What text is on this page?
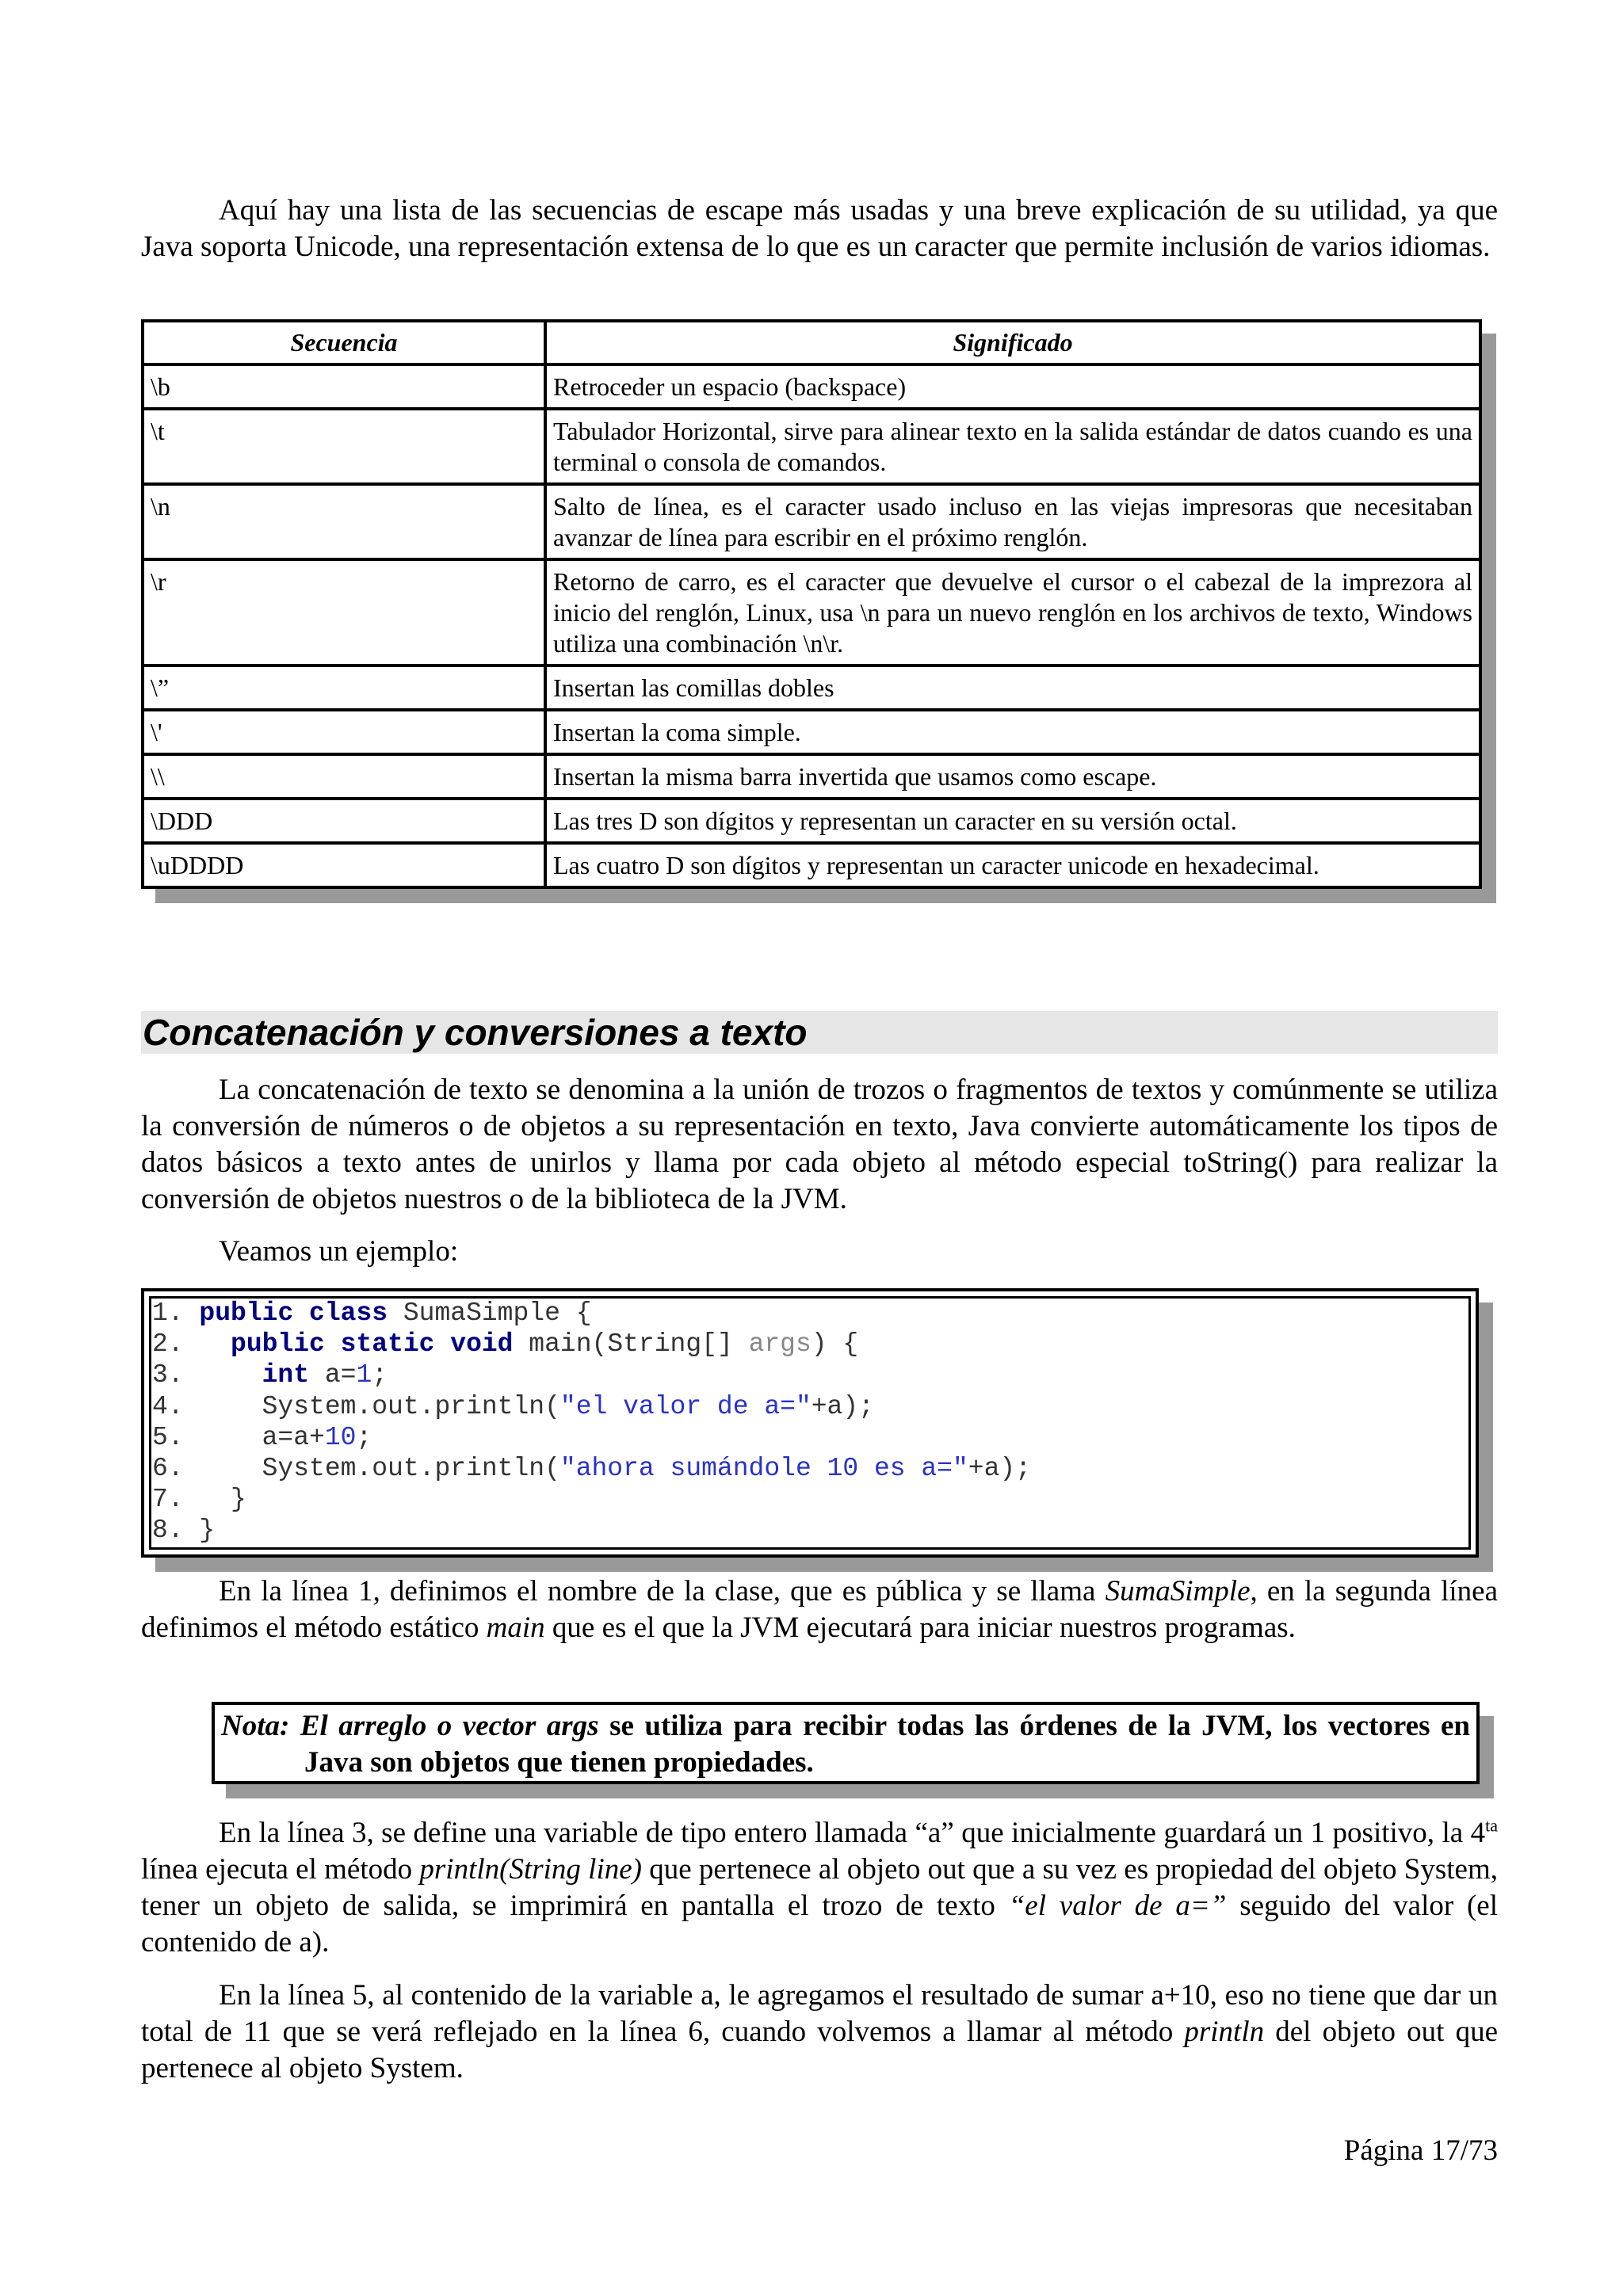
Aquí hay una lista de las secuencias de escape más usadas y una breve explicación de su utilidad, ya que Java soporta Unicode, una representación extensa de lo que es un caracter que permite inclusión de varios idiomas.

Secuencia	Significado
\b	Retroceder un espacio (backspace)
\t	Tabulador Horizontal, sirve para alinear texto en la salida estándar de datos cuando es una terminal o consola de comandos.
\n	Salto de línea, es el caracter usado incluso en las viejas impresoras que necesitaban avanzar de línea para escribir en el próximo renglón.
\r	Retorno de carro, es el caracter que devuelve el cursor o el cabezal de la imprezora al inicio del renglón, Linux, usa \n para un nuevo renglón en los archivos de texto, Windows utiliza una combinación \n\r.
\”	Insertan las comillas dobles
\'	Insertan la coma simple.
\\	Insertan la misma barra invertida que usamos como escape.
\DDD	Las tres D son dígitos y representan un caracter en su versión octal.
\uDDDD	Las cuatro D son dígitos y representan un caracter unicode en hexadecimal.
Concatenación y conversiones a texto

La concatenación de texto se denomina a la unión de trozos o fragmentos de textos y comúnmente se utiliza la conversión de números o de objetos a su representación en texto, Java convierte automáticamente los tipos de datos básicos a texto antes de unirlos y llama por cada objeto al método especial toString() para realizar la conversión de objetos nuestros o de la biblioteca de la JVM.

Veamos un ejemplo:

1. public class SumaSimple {
2.   public static void main(String[] args) {
3.     int a=1;
4.     System.out.println("el valor de a="+a);
5.     a=a+10;
6.     System.out.println("ahora sumándole 10 es a="+a);
7.   }
8. }

En la línea 1, definimos el nombre de la clase, que es pública y se llama SumaSimple, en la segunda línea definimos el método estático main que es el que la JVM ejecutará para iniciar nuestros programas.

Nota: El arreglo o vector args se utiliza para recibir todas las órdenes de la JVM, los vectores en Java son objetos que tienen propiedades.

En la línea 3, se define una variable de tipo entero llamada “a” que inicialmente guardará un 1 positivo, la $4^{ta}$ línea ejecuta el método println(String line) que pertenece al objeto out que a su vez es propiedad del objeto System, tener un objeto de salida, se imprimirá en pantalla el trozo de texto “el valor de a=” seguido del valor (el contenido de a).

En la línea 5, al contenido de la variable a, le agregamos el resultado de sumar a+10, eso no tiene que dar un total de 11 que se verá reflejado en la línea 6, cuando volvemos a llamar al método println del objeto out que pertenece al objeto System.

Página 17/73
